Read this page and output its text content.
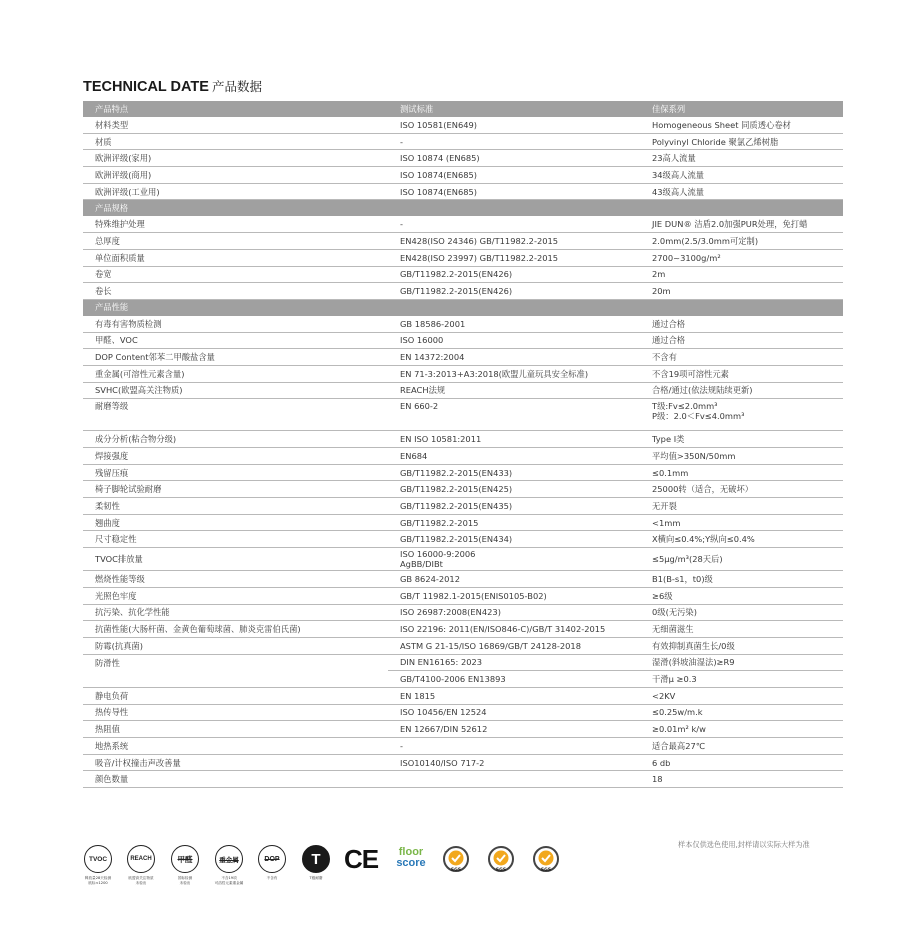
TECHNICAL DATE 产品数据
产品特点	测试标准	佳保系列

材料类型	ISO 10581(EN649)	Homogeneous Sheet 同质透心卷材

材质	-	Polyvinyl Chloride 聚氯乙烯树脂

欧洲评级(家用)	ISO 10874 (EN685)	23高人流量

欧洲评级(商用)	ISO 10874(EN685)	34级高人流量

欧洲评级(工业用)	ISO 10874(EN685)	43级高人流量

产品规格		

特殊维护处理	-	JIE DUN® 洁盾2.0加强PUR处理，免打蜡

总厚度	EN428(ISO 24346) GB/T11982.2-2015	2.0mm(2.5/3.0mm可定制)

单位面积质量	EN428(ISO 23997) GB/T11982.2-2015	2700~3100g/m²

卷宽	GB/T11982.2-2015(EN426)	2m

卷长	GB/T11982.2-2015(EN426)	20m

产品性能		

有毒有害物质检测	GB 18586-2001	通过合格

甲醛、VOC	ISO 16000	通过合格

DOP Content邻苯二甲酸盐含量	EN 14372:2004	不含有

重金属(可溶性元素含量)	EN 71-3:2013+A3:2018(欧盟儿童玩具安全标准)	不含19项可溶性元素

SVHC(欧盟高关注物质)	REACH法规	合格/通过(依法规陆续更新)

耐磨等级	EN 660-2	T级:Fv≤2.0mm³
P级：2.0＜Fv≤4.0mm³

成分分析(粘合物分级)	EN ISO 10581:2011	Type I类

焊接强度	EN684	平均值>350N/50mm

残留压痕	GB/T11982.2-2015(EN433)	≤0.1mm

椅子脚轮试验耐磨	GB/T11982.2-2015(EN425)	25000转（适合，无破坏）

柔韧性	GB/T11982.2-2015(EN435)	无开裂

翘曲度	GB/T11982.2-2015	<1mm

尺寸稳定性	GB/T11982.2-2015(EN434)	X横向≤0.4%;Y纵向≤0.4%

TVOC排放量	ISO 16000-9:2006
AgBB/DIBt	≤5μg/m³(28天后)

燃烧性能等级	GB 8624-2012	B1(B-s1，t0)级

光照色牢度	GB/T 11982.1-2015(ENIS0105-B02)	≥6级

抗污染、抗化学性能	ISO 26987:2008(EN423)	0级(无污染)

抗菌性能(大肠杆菌、金黄色葡萄球菌、肺炎克雷伯氏菌)	ISO 22196: 2011(EN/ISO846-C)/GB/T 31402-2015	无细菌滋生

防霉(抗真菌)	ASTM G 21-15/ISO 16869/GB/T 24128-2018	有效抑制真菌生长/0级

防滑性	DIN EN16165: 2023	湿滑(斜坡油湿法)≥R9

	GB/T4100-2006 EN13893	干滑μ ≥0.3

静电负荷	EN 1815	<2KV

热传导性	ISO 10456/EN 12524	≤0.25w/m.k

热阻值	EN 12667/DIN 52612	≥0.01m² k/w

地热系统	-	适合最高27℃

吸音/计权撞击声改善量	ISO10140/ISO 717-2	6 db

颜色数量		18
样本仅供选色使用,封样请以实际大样为准
TVOC
释放量28天检测
欧标<1200
REACH
欧盟高关注物质
未检出
甲醛
国标检测
未检出
重金属
不含19项
可溶性元素重金属
DOP
不含有
T
T级耐磨
CE	floor
score
SGS	SGS	SGS
